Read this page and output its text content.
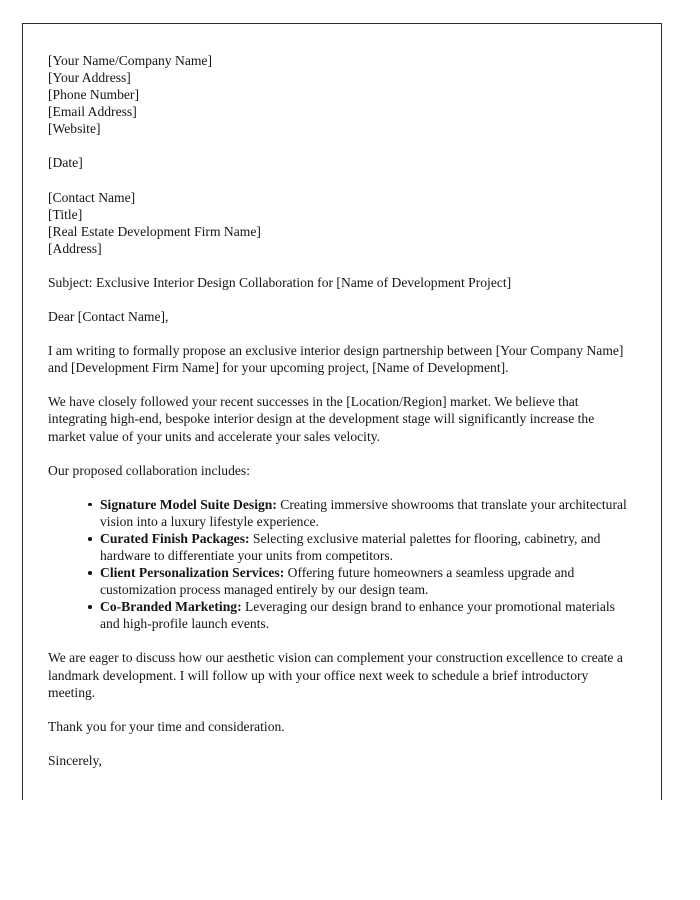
[Your Name/Company Name]
[Your Address]
[Phone Number]
[Email Address]
[Website]
[Date]
[Contact Name]
[Title]
[Real Estate Development Firm Name]
[Address]

Subject: Exclusive Interior Design Collaboration for [Name of Development Project]

Dear [Contact Name],

I am writing to formally propose an exclusive interior design partnership between [Your Company Name] and [Development Firm Name] for your upcoming project, [Name of Development].

We have closely followed your recent successes in the [Location/Region] market. We believe that integrating high-end, bespoke interior design at the development stage will significantly increase the market value of your units and accelerate your sales velocity.

Our proposed collaboration includes:

Signature Model Suite Design: Creating immersive showrooms that translate your architectural vision into a luxury lifestyle experience.
Curated Finish Packages: Selecting exclusive material palettes for flooring, cabinetry, and hardware to differentiate your units from competitors.
Client Personalization Services: Offering future homeowners a seamless upgrade and customization process managed entirely by our design team.
Co-Branded Marketing: Leveraging our design brand to enhance your promotional materials and high-profile launch events.

We are eager to discuss how our aesthetic vision can complement your construction excellence to create a landmark development. I will follow up with your office next week to schedule a brief introductory meeting.

Thank you for your time and consideration.

Sincerely,
